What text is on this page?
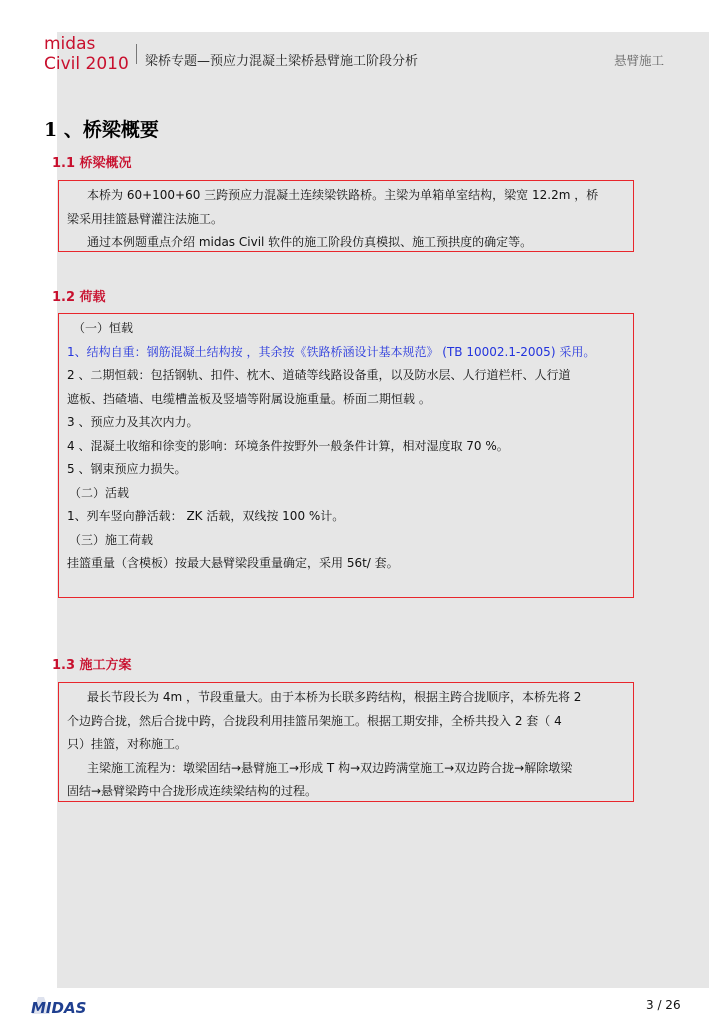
midas
Civil 2010 梁桥专题—预应力混凝土梁桥悬臂施工阶段分析	悬臂施工
1 、桥梁概要
1.1 桥梁概况

本桥为 60+100+60 三跨预应力混凝土连续梁铁路桥。主梁为单箱单室结构，梁宽 12.2m ，桥

梁采用挂篮悬臂灌注法施工。

通过本例题重点介绍 midas Civil 软件的施工阶段仿真模拟、施工预拱度的确定等。

1.2 荷载

（一）恒载

1、结构自重：钢筋混凝土结构按 ，其余按《铁路桥涵设计基本规范》 (TB 10002.1-2005) 采用。

2 、二期恒载：包括钢轨、扣件、枕木、道碴等线路设备重，以及防水层、人行道栏杆、人行道

遮板、挡碴墙、电缆槽盖板及竖墙等附属设施重量。桥面二期恒载 。

3 、预应力及其次内力。

4 、混凝土收缩和徐变的影响：环境条件按野外一般条件计算，相对湿度取 70 %。

5 、钢束预应力损失。

（二）活载

1、列车竖向静活载： ZK 活载，双线按 100 %计。

（三）施工荷载

挂篮重量（含模板）按最大悬臂梁段重量确定，采用 56t/ 套。

1.3 施工方案

最长节段长为 4m ，节段重量大。由于本桥为长联多跨结构，根据主跨合拢顺序，本桥先将 2

个边跨合拢，然后合拢中跨，合拢段利用挂篮吊架施工。根据工期安排，全桥共投入 2 套（ 4

只）挂篮，对称施工。

主梁施工流程为：墩梁固结→悬臂施工→形成 T 构→双边跨满堂施工→双边跨合拢→解除墩梁

固结→悬臂梁跨中合拢形成连续梁结构的过程。

MIDAS	3 / 26
